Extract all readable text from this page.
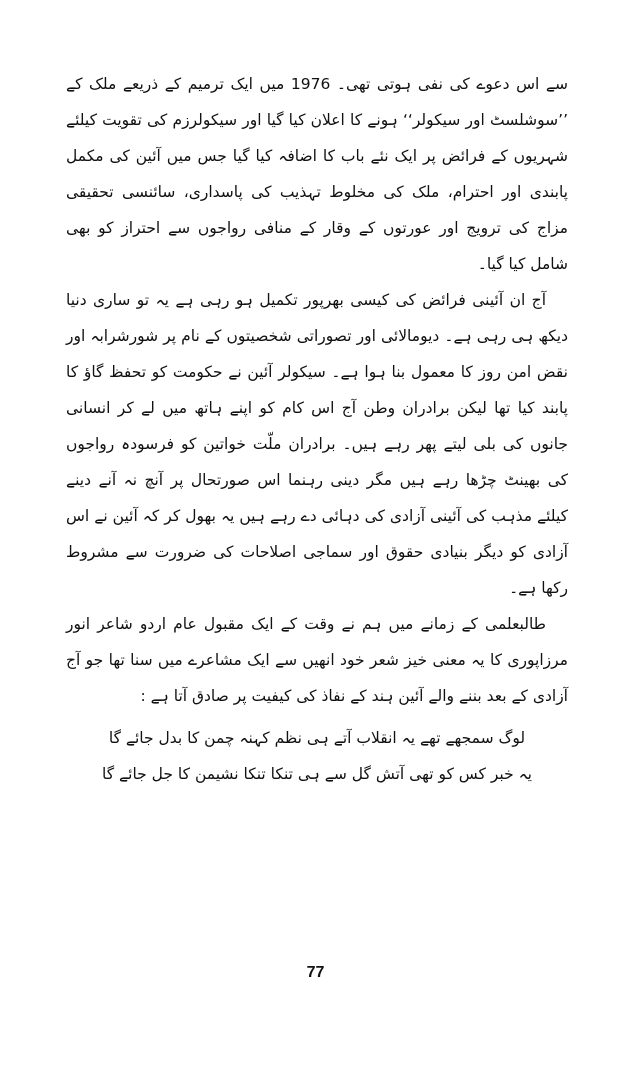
سے اس دعوے کی نفی ہوتی تھی۔ 1976 میں ایک ترمیم کے ذریعے ملک کے ’’سوشلسٹ اور سیکولر‘‘ ہونے کا اعلان کیا گیا اور سیکولرزم کی تقویت کیلئے شہریوں کے فرائض پر ایک نئے باب کا اضافہ کیا گیا جس میں آئین کی مکمل پابندی اور احترام، ملک کی مخلوط تہذیب کی پاسداری، سائنسی تحقیقی مزاج کی ترویج اور عورتوں کے وقار کے منافی رواجوں سے احتراز کو بھی شامل کیا گیا۔

آج ان آئینی فرائض کی کیسی بھرپور تکمیل ہو رہی ہے یہ تو ساری دنیا دیکھ ہی رہی ہے۔ دیومالائی اور تصوراتی شخصیتوں کے نام پر شورشرابہ اور نقض امن روز کا معمول بنا ہوا ہے۔ سیکولر آئین نے حکومت کو تحفظ گاؤ کا پابند کیا تھا لیکن برادران وطن آج اس کام کو اپنے ہاتھ میں لے کر انسانی جانوں کی بلی لیتے پھر رہے ہیں۔ برادران ملّت خواتین کو فرسودہ رواجوں کی بھینٹ چڑھا رہے ہیں مگر دینی رہنما اس صورتحال پر آنچ نہ آنے دینے کیلئے مذہب کی آئینی آزادی کی دہائی دے رہے ہیں یہ بھول کر کہ آئین نے اس آزادی کو دیگر بنیادی حقوق اور سماجی اصلاحات کی ضرورت سے مشروط رکھا ہے۔

طالبعلمی کے زمانے میں ہم نے وقت کے ایک مقبول عام اردو شاعر انور مرزاپوری کا یہ معنی خیز شعر خود انھیں سے ایک مشاعرے میں سنا تھا جو آج آزادی کے بعد بننے والے آئین ہند کے نفاذ کی کیفیت پر صادق آتا ہے :

لوگ سمجھے تھے یہ انقلاب آتے ہی نظم کہنہ چمن کا بدل جائے گا
یہ خبر کس کو تھی آتش گل سے ہی تنکا تنکا نشیمن کا جل جائے گا
77
